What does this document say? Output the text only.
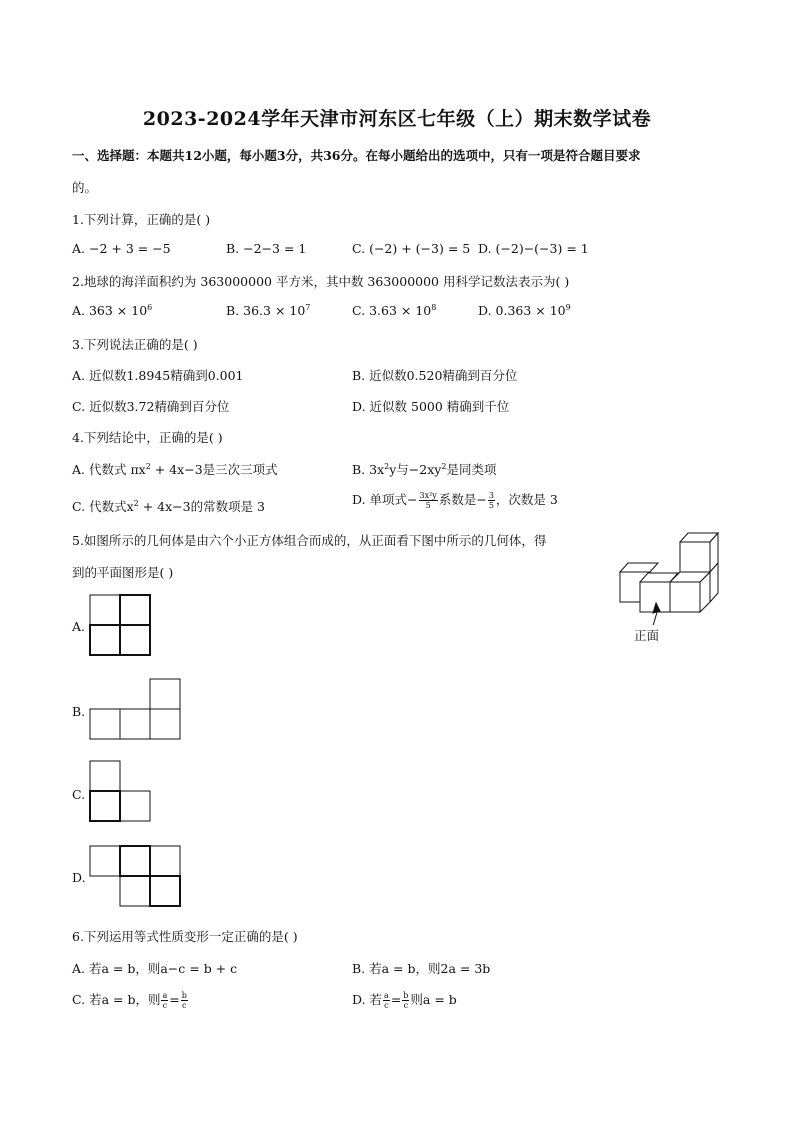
2023-2024学年天津市河东区七年级（上）期末数学试卷
一、选择题：本题共12小题，每小题3分，共36分。在每小题给出的选项中，只有一项是符合题目要求
的。
1.下列计算，正确的是( )
A. −2 + 3 = −5	B. −2−3 = 1	C. (−2) + (−3) = 5 D. (−2)−(−3) = 1
2.地球的海洋面积约为 363000000 平方米，其中数 363000000 用科学记数法表示为( )
A. $363 \times 10^6$	B. $36.3 \times 10^7$	C. $3.63 \times 10^8$	D. $0.363 \times 10^9$
3.下列说法正确的是( )
A. 近似数1.8945精确到0.001	B. 近似数0.520精确到百分位
C. 近似数3.72精确到百分位	D. 近似数 5000 精确到千位
4.下列结论中，正确的是( )
A. 代数式 $\pi x^2 + 4x-3$是三次三项式	B. $3x^2y$与$-2xy^2$是同类项
C. 代数式$x^2 + 4x-3$的常数项是 3	D. 单项式− $\frac{\text{3x²y}}{5}$ 系数是− $\frac{3}{5}$ ，次数是 3
5.如图所示的几何体是由六个小正方体组合而成的，从正面看下图中所示的几何体，得
到的平面图形是( )
正面
A.
B.
C.
D.
6.下列运用等式性质变形一定正确的是( )
A. 若a = b，则a−c = b + c	B. 若a = b，则2a = 3b
C. 若a = b，则 $\frac{a}{c} = \frac{b}{c}$	D. 若 $\frac{a}{c} = \frac{b}{c}$ 则a = b
